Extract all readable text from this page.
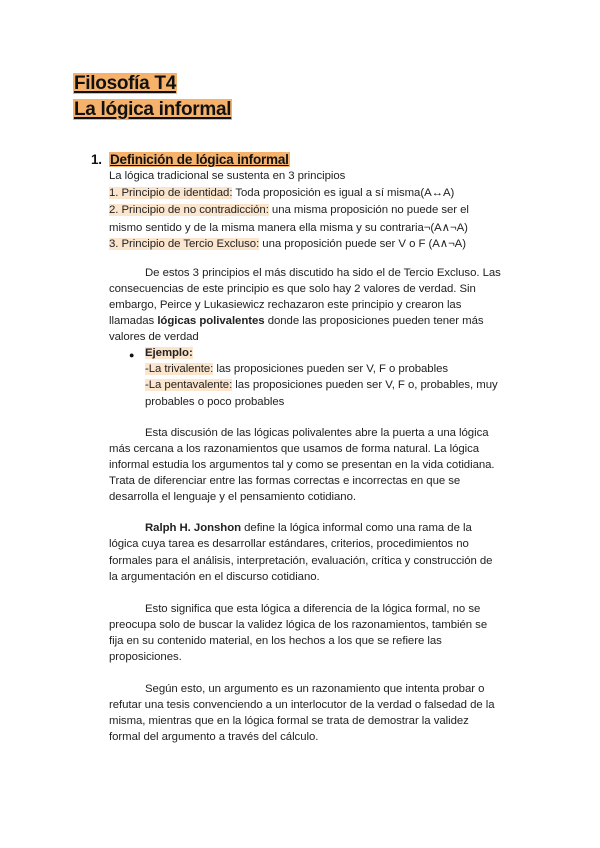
Filosofía T4
La lógica informal
1. Definición de lógica informal
La lógica tradicional se sustenta en 3 principios
1. Principio de identidad: Toda proposición es igual a sí misma(A↔A)
2. Principio de no contradicción: una misma proposición no puede ser el
mismo sentido y de la misma manera ella misma y su contraria¬(A∧¬A)
3. Principio de Tercio Excluso: una proposición puede ser V o F (A∧¬A)
De estos 3 principios el más discutido ha sido el de Tercio Excluso. Las
consecuencias de este principio es que solo hay 2 valores de verdad. Sin
embargo, Peirce y Lukasiewicz rechazaron este principio y crearon las
llamadas lógicas polivalentes donde las proposiciones pueden tener más
valores de verdad
● Ejemplo:
-La trivalente: las proposiciones pueden ser V, F o probables
-La pentavalente: las proposiciones pueden ser V, F o, probables, muy
probables o poco probables
Esta discusión de las lógicas polivalentes abre la puerta a una lógica
más cercana a los razonamientos que usamos de forma natural. La lógica
informal estudia los argumentos tal y como se presentan en la vida cotidiana.
Trata de diferenciar entre las formas correctas e incorrectas en que se
desarrolla el lenguaje y el pensamiento cotidiano.
Ralph H. Jonshon define la lógica informal como una rama de la
lógica cuya tarea es desarrollar estándares, criterios, procedimientos no
formales para el análisis, interpretación, evaluación, crítica y construcción de
la argumentación en el discurso cotidiano.
Esto significa que esta lógica a diferencia de la lógica formal, no se
preocupa solo de buscar la validez lógica de los razonamientos, también se
fija en su contenido material, en los hechos a los que se refiere las
proposiciones.
Según esto, un argumento es un razonamiento que intenta probar o
refutar una tesis convenciendo a un interlocutor de la verdad o falsedad de la
misma, mientras que en la lógica formal se trata de demostrar la validez
formal del argumento a través del cálculo.
